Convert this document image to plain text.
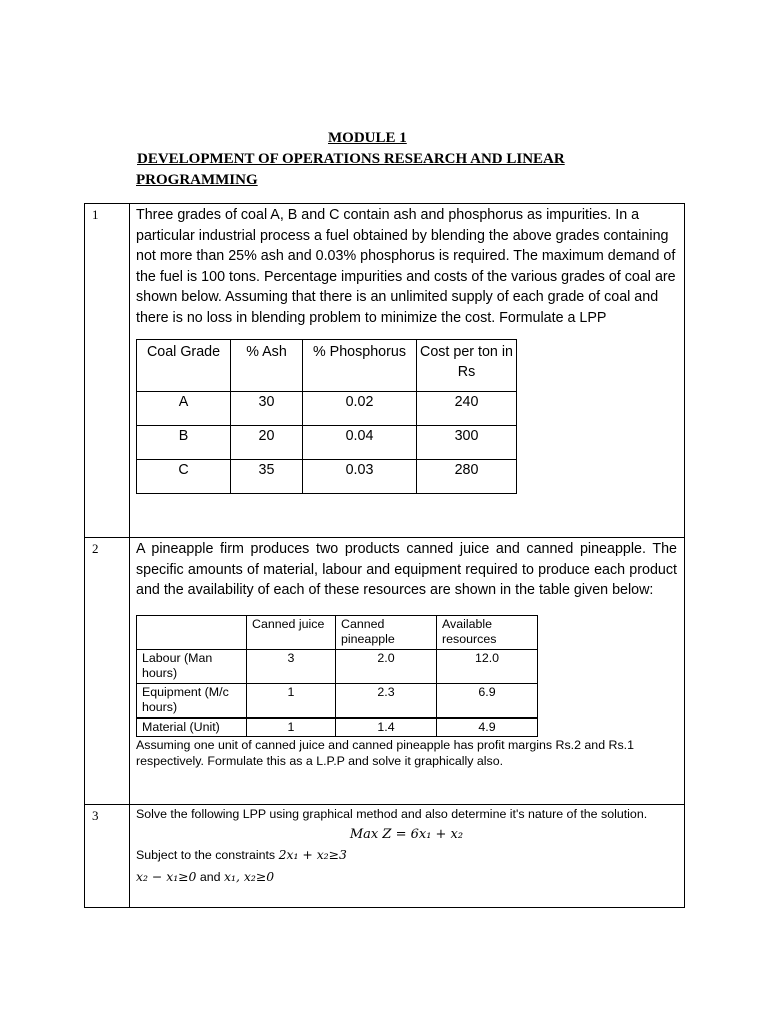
MODULE 1
DEVELOPMENT OF OPERATIONS RESEARCH AND LINEAR
PROGRAMMING
1	Three grades of coal A, B and C contain ash and phosphorus as impurities. In a particular industrial process a fuel obtained by blending the above grades containing not more than 25% ash and 0.03% phosphorus is required. The maximum demand of the fuel is 100 tons. Percentage impurities and costs of the various grades of coal are shown below. Assuming that there is an unlimited supply of each grade of coal and there is no loss in blending problem to minimize the cost. Formulate a LPP

Coal Grade	% Ash	% Phosphorus	Cost per ton in Rs
A	30	0.02	240
B	20	0.04	300
C	35	0.03	280

2	A pineapple firm produces two products canned juice and canned pineapple. The specific amounts of material, labour and equipment required to produce each product and the availability of each of these resources are shown in the table given below:

	Canned juice	Canned pineapple	Available resources
Labour (Man hours)	3	2.0	12.0
Equipment (M/c hours)	1	2.3	6.9
Material (Unit)	1	1.4	4.9

Assuming one unit of canned juice and canned pineapple has profit margins Rs.2 and Rs.1 respectively. Formulate this as a L.P.P and solve it graphically also.

3	Solve the following LPP using graphical method and also determine it's nature of the solution.

Max Z = 6x₁ + x₂

Subject to the constraints 2x₁ + x₂≥3

x₂ − x₁≥0 and x₁, x₂≥0
